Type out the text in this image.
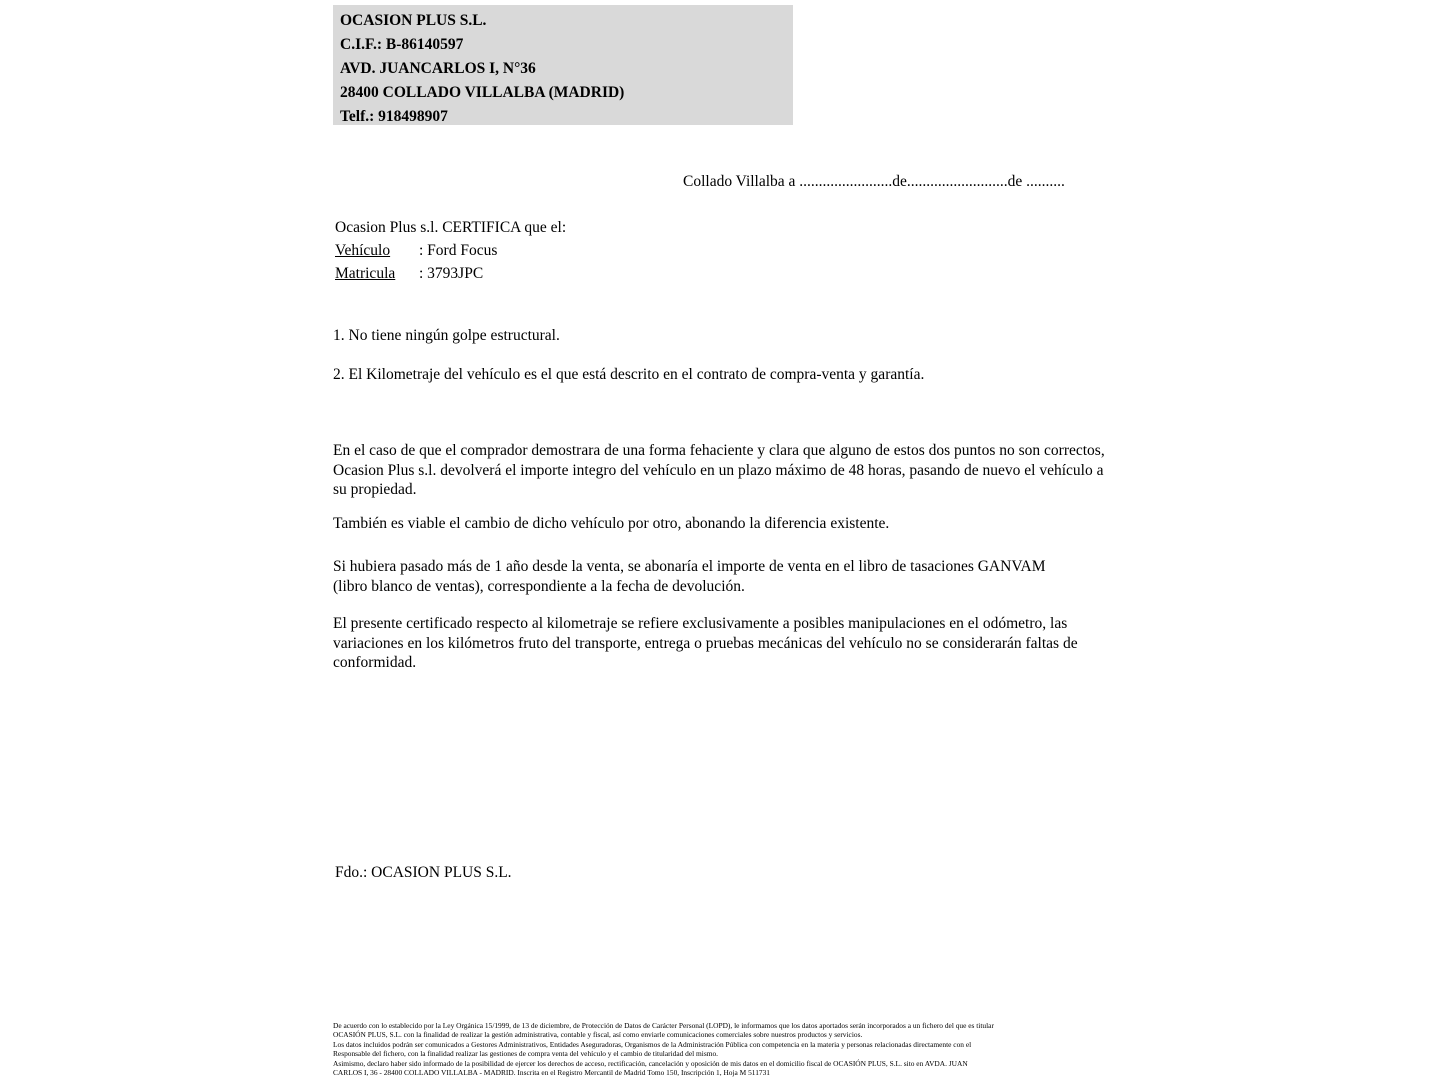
OCASION PLUS S.L.
C.I.F.: B-86140597
AVD. JUANCARLOS I, N°36
28400 COLLADO VILLALBA (MADRID)
Telf.: 918498907
Collado Villalba a ........................de..........................de ..........
Ocasion Plus s.l. CERTIFICA que el:
Vehículo : Ford Focus
Matricula : 3793JPC
1. No tiene ningún golpe estructural.
2. El Kilometraje del vehículo es el que está descrito en el contrato de compra-venta y garantía.
En el caso de que el comprador demostrara de una forma fehaciente y clara que alguno de estos dos puntos no son correctos, Ocasion Plus s.l. devolverá el importe integro del vehículo en un plazo máximo de 48 horas, pasando de nuevo el vehículo a su propiedad.
También es viable el cambio de dicho vehículo por otro, abonando la diferencia existente.
Si hubiera pasado más de 1 año desde la venta, se abonaría el importe de venta en el libro de tasaciones GANVAM (libro blanco de ventas), correspondiente a la fecha de devolución.
El presente certificado respecto al kilometraje se refiere exclusivamente a posibles manipulaciones en el odómetro, las variaciones en los kilómetros fruto del transporte, entrega o pruebas mecánicas del vehículo no se considerarán faltas de conformidad.
Fdo.: OCASION PLUS S.L.
De acuerdo con lo establecido por la Ley Orgánica 15/1999, de 13 de diciembre, de Protección de Datos de Carácter Personal (LOPD), le informamos que los datos aportados serán incorporados a un fichero del que es titular
OCASIÓN PLUS, S.L. con la finalidad de realizar la gestión administrativa, contable y fiscal, así como enviarle comunicaciones comerciales sobre nuestros productos y servicios.
Los datos incluidos podrán ser comunicados a Gestores Administrativos, Entidades Aseguradoras, Organismos de la Administración Pública con competencia en la materia y personas relacionadas directamente con el
Responsable del fichero, con la finalidad realizar las gestiones de compra venta del vehículo y el cambio de titularidad del mismo.
Asimismo, declaro haber sido informado de la posibilidad de ejercer los derechos de acceso, rectificación, cancelación y oposición de mis datos en el domicilio fiscal de OCASIÓN PLUS, S.L. sito en AVDA. JUAN
CARLOS I, 36 - 28400 COLLADO VILLALBA - MADRID. Inscrita en el Registro Mercantil de Madrid Tomo 150, Inscripción 1, Hoja M 511731
